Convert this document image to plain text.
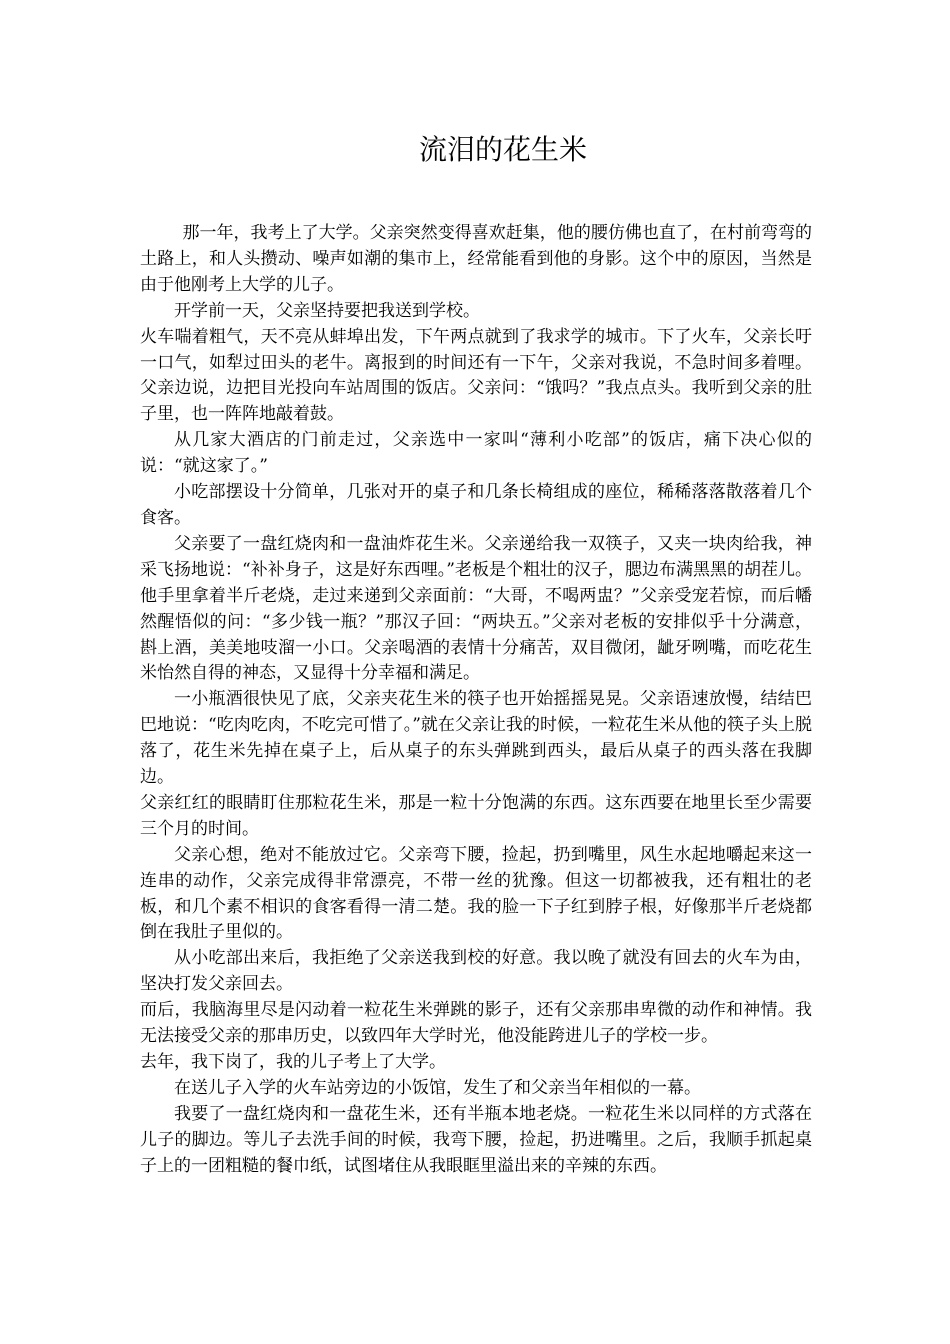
流泪的花生米

那一年，我考上了大学。父亲突然变得喜欢赶集，他的腰仿佛也直了，在村前弯弯的土路上，和人头攒动、噪声如潮的集市上，经常能看到他的身影。这个中的原因，当然是由于他刚考上大学的儿子。

开学前一天，父亲坚持要把我送到学校。

火车喘着粗气，天不亮从蚌埠出发，下午两点就到了我求学的城市。下了火车，父亲长吁一口气，如犁过田头的老牛。离报到的时间还有一下午，父亲对我说，不急时间多着哩。父亲边说，边把目光投向车站周围的饭店。父亲问：“饿吗？”我点点头。我听到父亲的肚子里，也一阵阵地敲着鼓。

从几家大酒店的门前走过，父亲选中一家叫“薄利小吃部”的饭店，痛下决心似的说：“就这家了。”

小吃部摆设十分简单，几张对开的桌子和几条长椅组成的座位，稀稀落落散落着几个食客。

父亲要了一盘红烧肉和一盘油炸花生米。父亲递给我一双筷子，又夹一块肉给我，神采飞扬地说：“补补身子，这是好东西哩。”老板是个粗壮的汉子，腮边布满黑黑的胡茬儿。他手里拿着半斤老烧，走过来递到父亲面前：“大哥，不喝两盅？”父亲受宠若惊，而后幡然醒悟似的问：“多少钱一瓶？”那汉子回：“两块五。”父亲对老板的安排似乎十分满意，斟上酒，美美地吱溜一小口。父亲喝酒的表情十分痛苦，双目微闭，龇牙咧嘴，而吃花生米怡然自得的神态，又显得十分幸福和满足。

一小瓶酒很快见了底，父亲夹花生米的筷子也开始摇摇晃晃。父亲语速放慢，结结巴巴地说：“吃肉吃肉，不吃完可惜了。”就在父亲让我的时候，一粒花生米从他的筷子头上脱落了，花生米先掉在桌子上，后从桌子的东头弹跳到西头，最后从桌子的西头落在我脚边。

父亲红红的眼睛盯住那粒花生米，那是一粒十分饱满的东西。这东西要在地里长至少需要三个月的时间。

父亲心想，绝对不能放过它。父亲弯下腰，捡起，扔到嘴里，风生水起地嚼起来这一连串的动作，父亲完成得非常漂亮，不带一丝的犹豫。但这一切都被我，还有粗壮的老板，和几个素不相识的食客看得一清二楚。我的脸一下子红到脖子根，好像那半斤老烧都倒在我肚子里似的。

从小吃部出来后，我拒绝了父亲送我到校的好意。我以晚了就没有回去的火车为由，坚决打发父亲回去。

而后，我脑海里尽是闪动着一粒花生米弹跳的影子，还有父亲那串卑微的动作和神情。我无法接受父亲的那串历史，以致四年大学时光，他没能跨进儿子的学校一步。

去年，我下岗了，我的儿子考上了大学。

在送儿子入学的火车站旁边的小饭馆，发生了和父亲当年相似的一幕。

我要了一盘红烧肉和一盘花生米，还有半瓶本地老烧。一粒花生米以同样的方式落在儿子的脚边。等儿子去洗手间的时候，我弯下腰，捡起，扔进嘴里。之后，我顺手抓起桌子上的一团粗糙的餐巾纸，试图堵住从我眼眶里溢出来的辛辣的东西。
